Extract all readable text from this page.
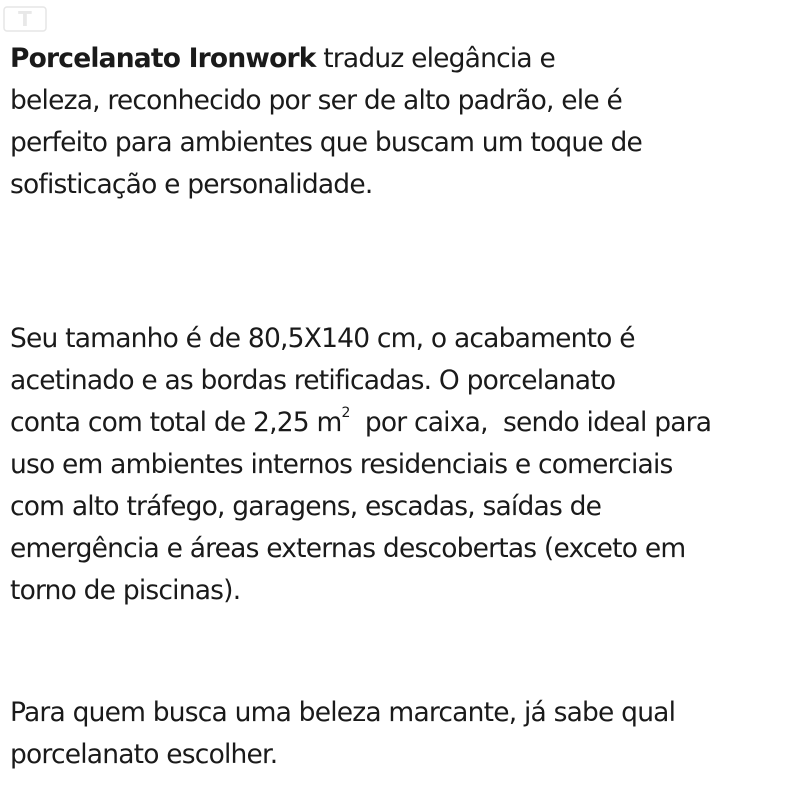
T

Porcelanato Ironwork traduz elegância e
beleza, reconhecido por ser de alto padrão, ele é
perfeito para ambientes que buscam um toque de
sofisticação e personalidade.

Seu tamanho é de 80,5X140 cm, o acabamento é
acetinado e as bordas retificadas. O porcelanato
conta com total de 2,25 $m^2$  por caixa,  sendo ideal para
uso em ambientes internos residenciais e comerciais
com alto tráfego, garagens, escadas, saídas de
emergência e áreas externas descobertas (exceto em
torno de piscinas).

Para quem busca uma beleza marcante, já sabe qual
porcelanato escolher.
